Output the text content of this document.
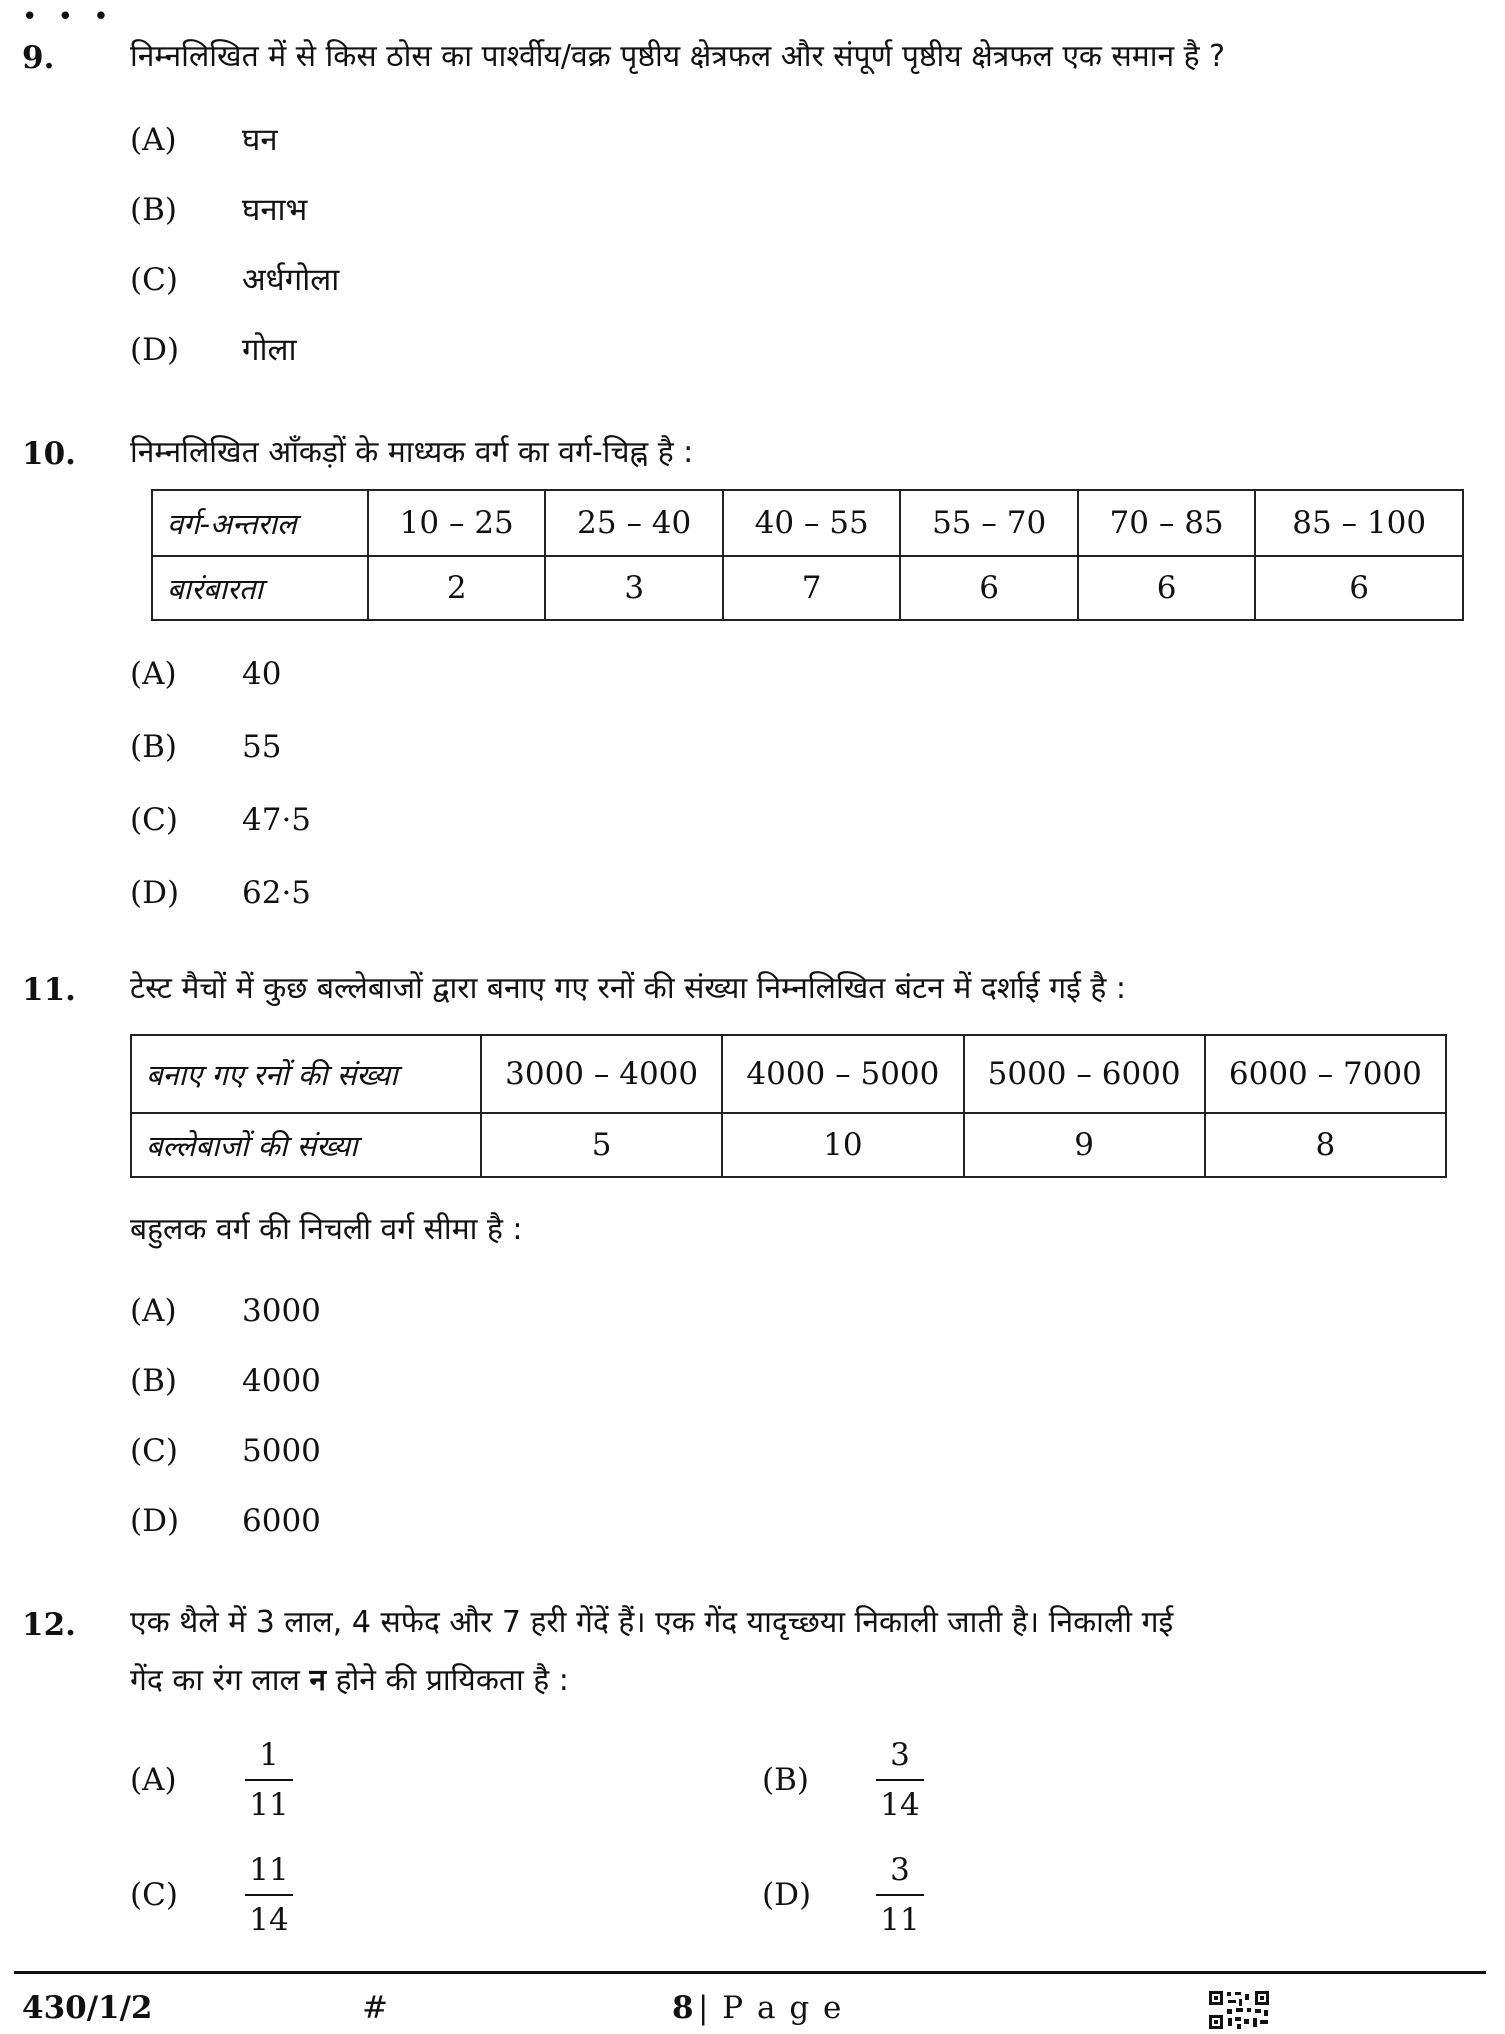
• • •
9.	निम्नलिखित में से किस ठोस का पार्श्वीय/वक्र पृष्ठीय क्षेत्रफल और संपूर्ण पृष्ठीय क्षेत्रफल एक समान है ?
(A) घन
(B) घनाभ
(C) अर्धगोला
(D) गोला
10. निम्नलिखित आँकड़ों के माध्यक वर्ग का वर्ग-चिह्न है :
वर्ग-अन्तराल	10 – 25	25 – 40	40 – 55	55 – 70	70 – 85	85 – 100
बारंबारता	2	3	7	6	6	6
(A) 40
(B) 55
(C) 47·5
(D) 62·5
11. टेस्ट मैचों में कुछ बल्लेबाजों द्वारा बनाए गए रनों की संख्या निम्नलिखित बंटन में दर्शाई गई है :
बनाए गए रनों की संख्या	3000 – 4000	4000 – 5000	5000 – 6000	6000 – 7000
बल्लेबाजों की संख्या	5	10	9	8
बहुलक वर्ग की निचली वर्ग सीमा है :
(A) 3000
(B) 4000
(C) 5000
(D) 6000
12. एक थैले में 3 लाल, 4 सफेद और 7 हरी गेंदें हैं। एक गेंद यादृच्छया निकाली जाती है। निकाली गई
गेंद का रंग लाल न होने की प्रायिकता है :
(A)
1
11
(B)
3
14
(C)
11
14
(D)
3
11
430/1/2	#	8 | P a g e
